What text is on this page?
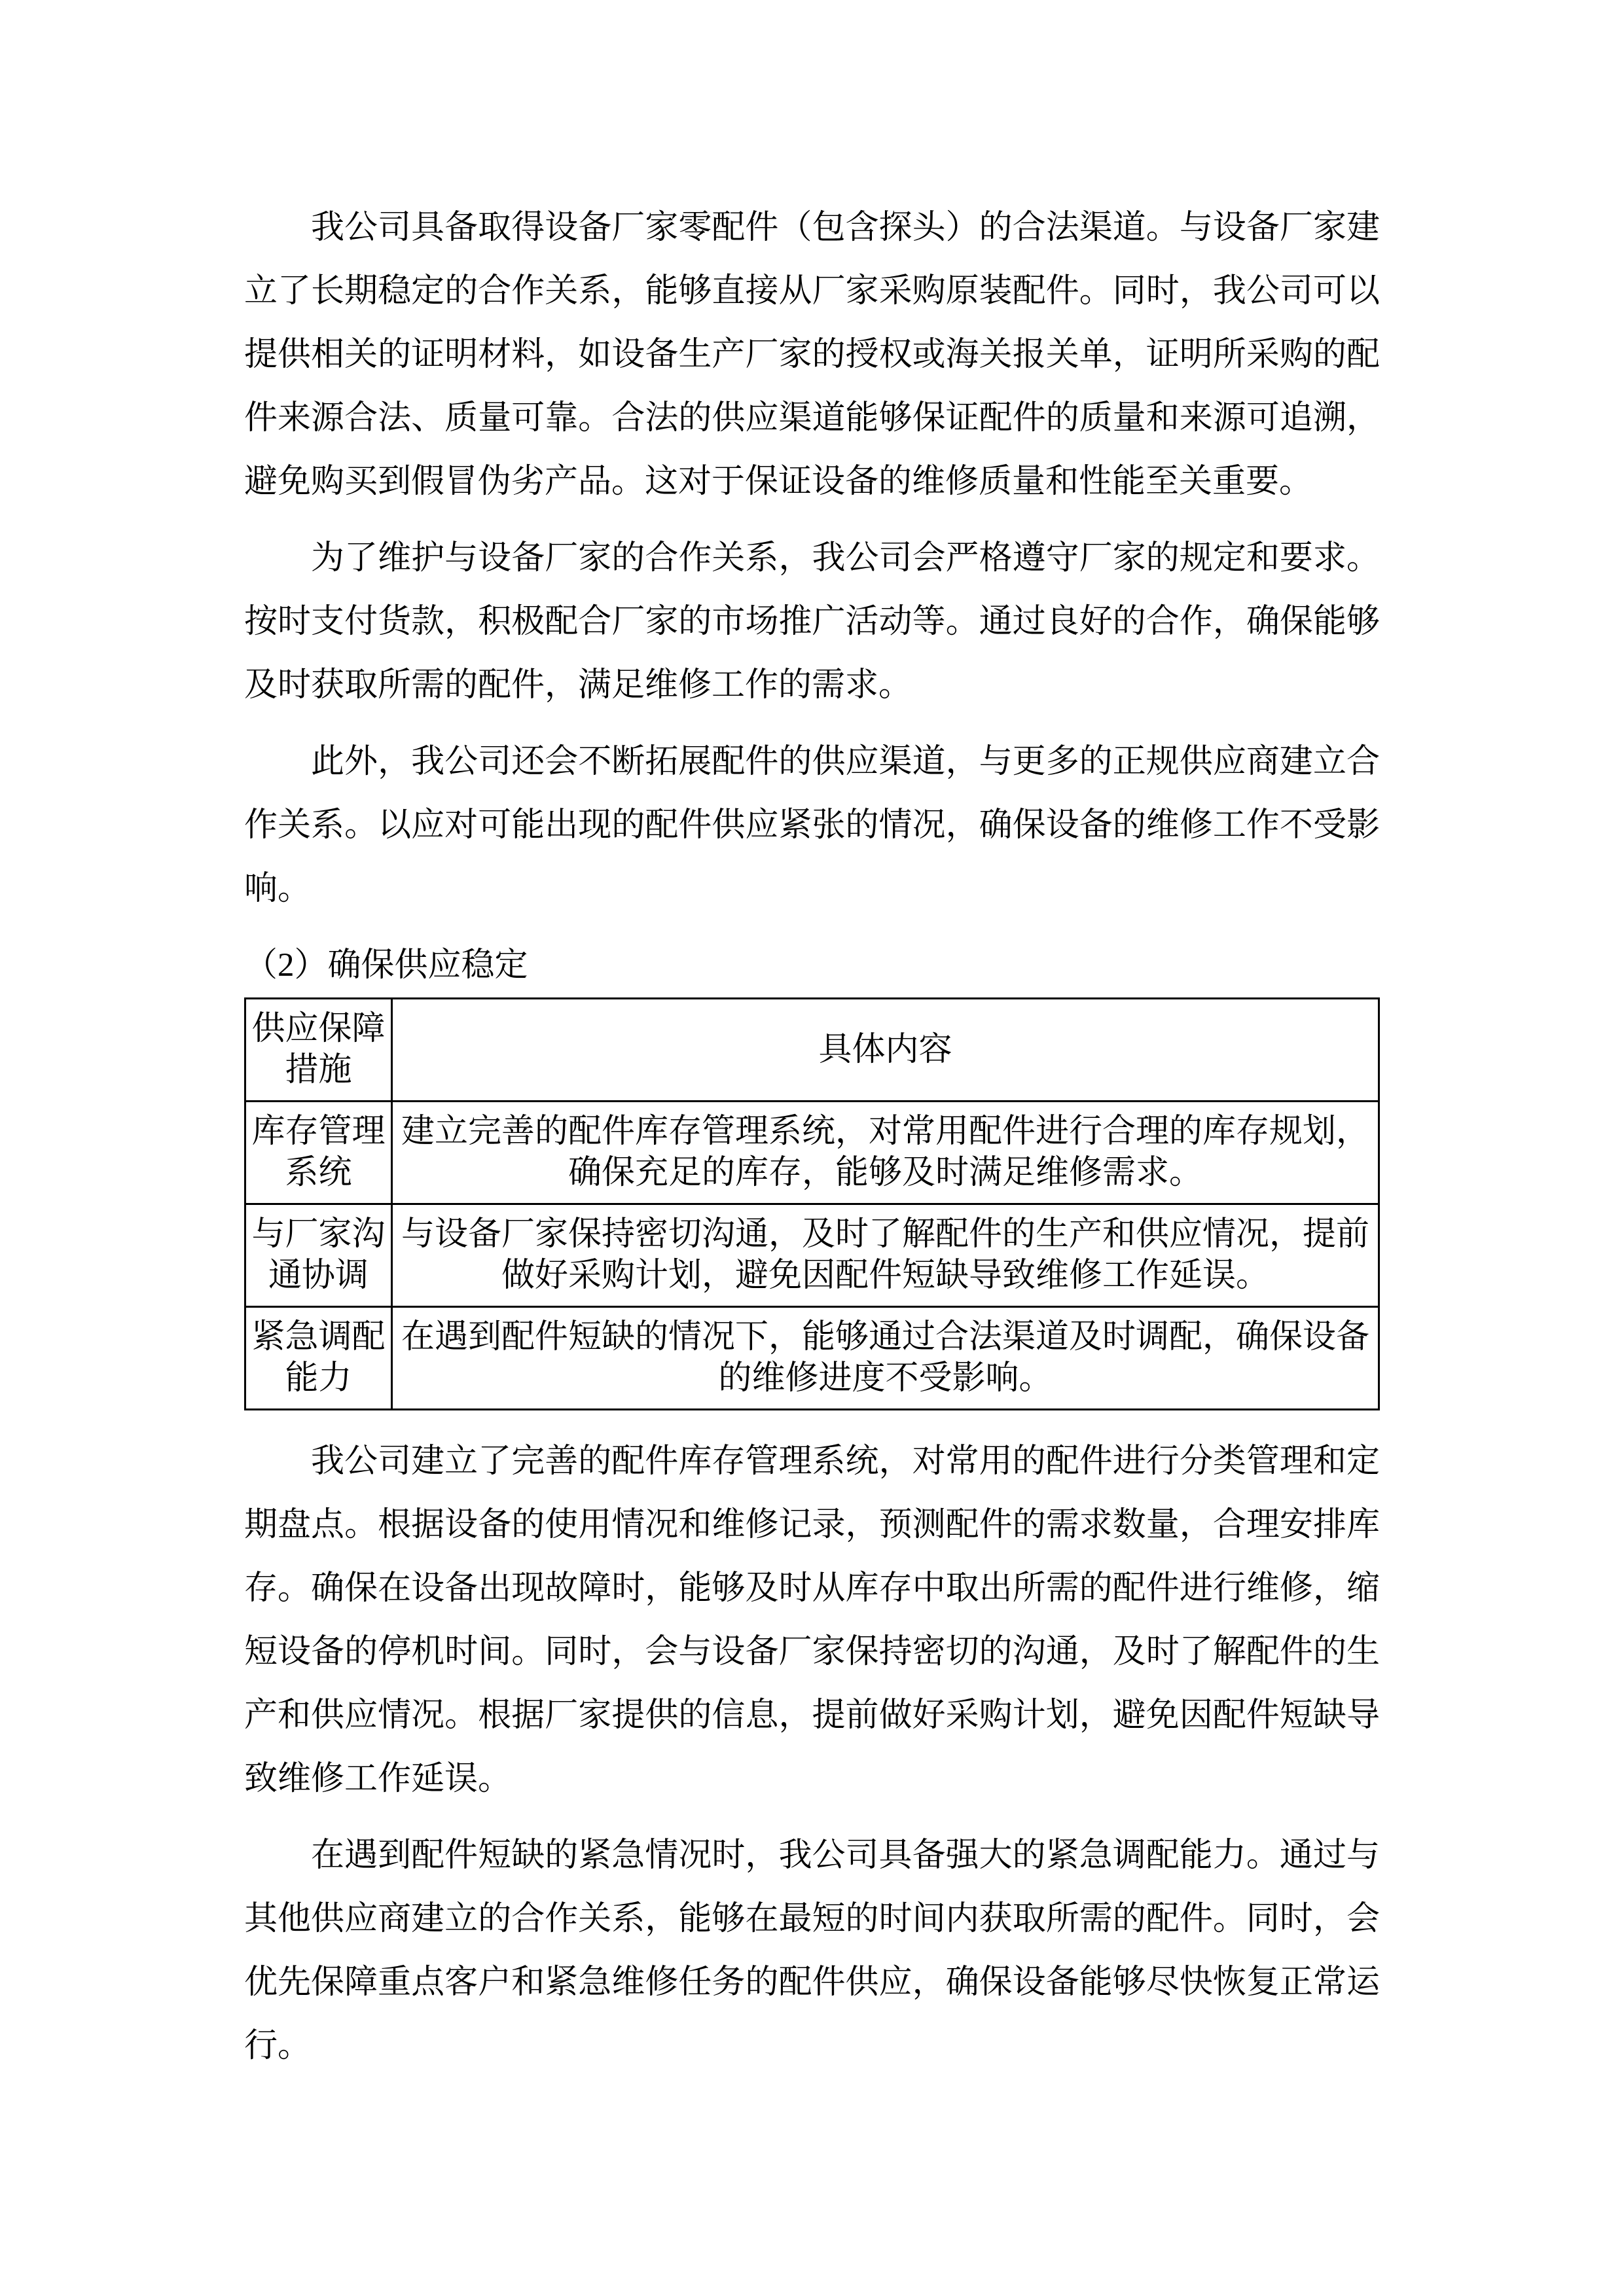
我公司具备取得设备厂家零配件（包含探头）的合法渠道。与设备厂家建立了长期稳定的合作关系，能够直接从厂家采购原装配件。同时，我公司可以提供相关的证明材料，如设备生产厂家的授权或海关报关单，证明所采购的配件来源合法、质量可靠。合法的供应渠道能够保证配件的质量和来源可追溯，避免购买到假冒伪劣产品。这对于保证设备的维修质量和性能至关重要。

为了维护与设备厂家的合作关系，我公司会严格遵守厂家的规定和要求。按时支付货款，积极配合厂家的市场推广活动等。通过良好的合作，确保能够及时获取所需的配件，满足维修工作的需求。

此外，我公司还会不断拓展配件的供应渠道，与更多的正规供应商建立合作关系。以应对可能出现的配件供应紧张的情况，确保设备的维修工作不受影响。

（2）确保供应稳定

供应保障措施	具体内容
库存管理系统	建立完善的配件库存管理系统，对常用配件进行合理的库存规划，确保充足的库存，能够及时满足维修需求。
与厂家沟通协调	与设备厂家保持密切沟通，及时了解配件的生产和供应情况，提前做好采购计划，避免因配件短缺导致维修工作延误。
紧急调配能力	在遇到配件短缺的情况下，能够通过合法渠道及时调配，确保设备的维修进度不受影响。

我公司建立了完善的配件库存管理系统，对常用的配件进行分类管理和定期盘点。根据设备的使用情况和维修记录，预测配件的需求数量，合理安排库存。确保在设备出现故障时，能够及时从库存中取出所需的配件进行维修，缩短设备的停机时间。同时，会与设备厂家保持密切的沟通，及时了解配件的生产和供应情况。根据厂家提供的信息，提前做好采购计划，避免因配件短缺导致维修工作延误。

在遇到配件短缺的紧急情况时，我公司具备强大的紧急调配能力。通过与其他供应商建立的合作关系，能够在最短的时间内获取所需的配件。同时，会优先保障重点客户和紧急维修任务的配件供应，确保设备能够尽快恢复正常运行。
